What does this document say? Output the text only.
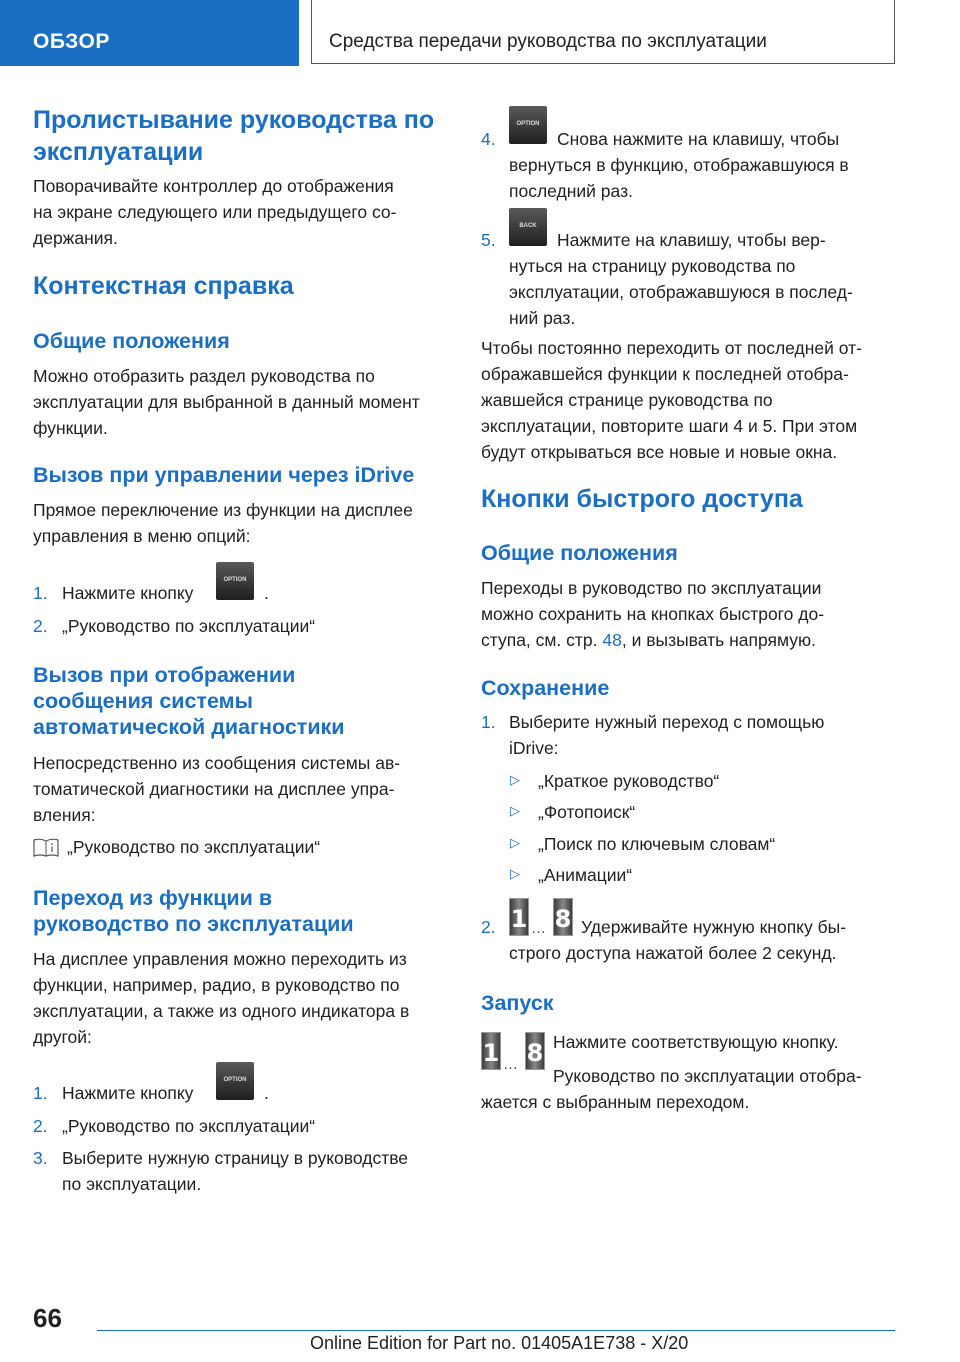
ОБЗОР	Средства передачи руководства по эксплуатации
Пролистывание руководства по
эксплуатации
Поворачивайте контроллер до отображения
на экране следующего или предыдущего со-
держания.
Контекстная справка
Общие положения
Можно отобразить раздел руководства по
эксплуатации для выбранной в данный момент
функции.
Вызов при управлении через iDrive
Прямое переключение из функции на дисплее
управления в меню опций:
1. Нажмите кнопку
OPTION
.
2. „Руководство по эксплуатации“
Вызов при отображении
сообщения системы
автоматической диагностики
Непосредственно из сообщения системы ав-
томатической диагностики на дисплее упра-
вления:
„Руководство по эксплуатации“
Переход из функции в
руководство по эксплуатации
На дисплее управления можно переходить из
функции, например, радио, в руководство по
эксплуатации, а также из одного индикатора в
другой:
1. Нажмите кнопку
OPTION
.
2. „Руководство по эксплуатации“
3. Выберите нужную страницу в руководстве
по эксплуатации.
4.
OPTION
Снова нажмите на клавишу, чтобы
вернуться в функцию, отображавшуюся в
последний раз.
5.
BACK
Нажмите на клавишу, чтобы вер-
нуться на страницу руководства по
эксплуатации, отображавшуюся в послед-
ний раз.
Чтобы постоянно переходить от последней от-
ображавшейся функции к последней отобра-
жавшейся странице руководства по
эксплуатации, повторите шаги 4 и 5. При этом
будут открываться все новые и новые окна.
Кнопки быстрого доступа
Общие положения
Переходы в руководство по эксплуатации
можно сохранить на кнопках быстрого до-
ступа, см. стр. 48, и вызывать напрямую.
Сохранение
1. Выберите нужный переход с помощью
iDrive:
▷ „Краткое руководство“
▷ „Фотопоиск“
▷ „Поиск по ключевым словам“
▷ „Анимации“
2. 1 … 8 Удерживайте нужную кнопку бы-
строго доступа нажатой более 2 секунд.
Запуск
1 … 8 Нажмите соответствующую кнопку.
Руководство по эксплуатации отобра-
жается с выбранным переходом.
66
Online Edition for Part no. 01405A1E738 - X/20
